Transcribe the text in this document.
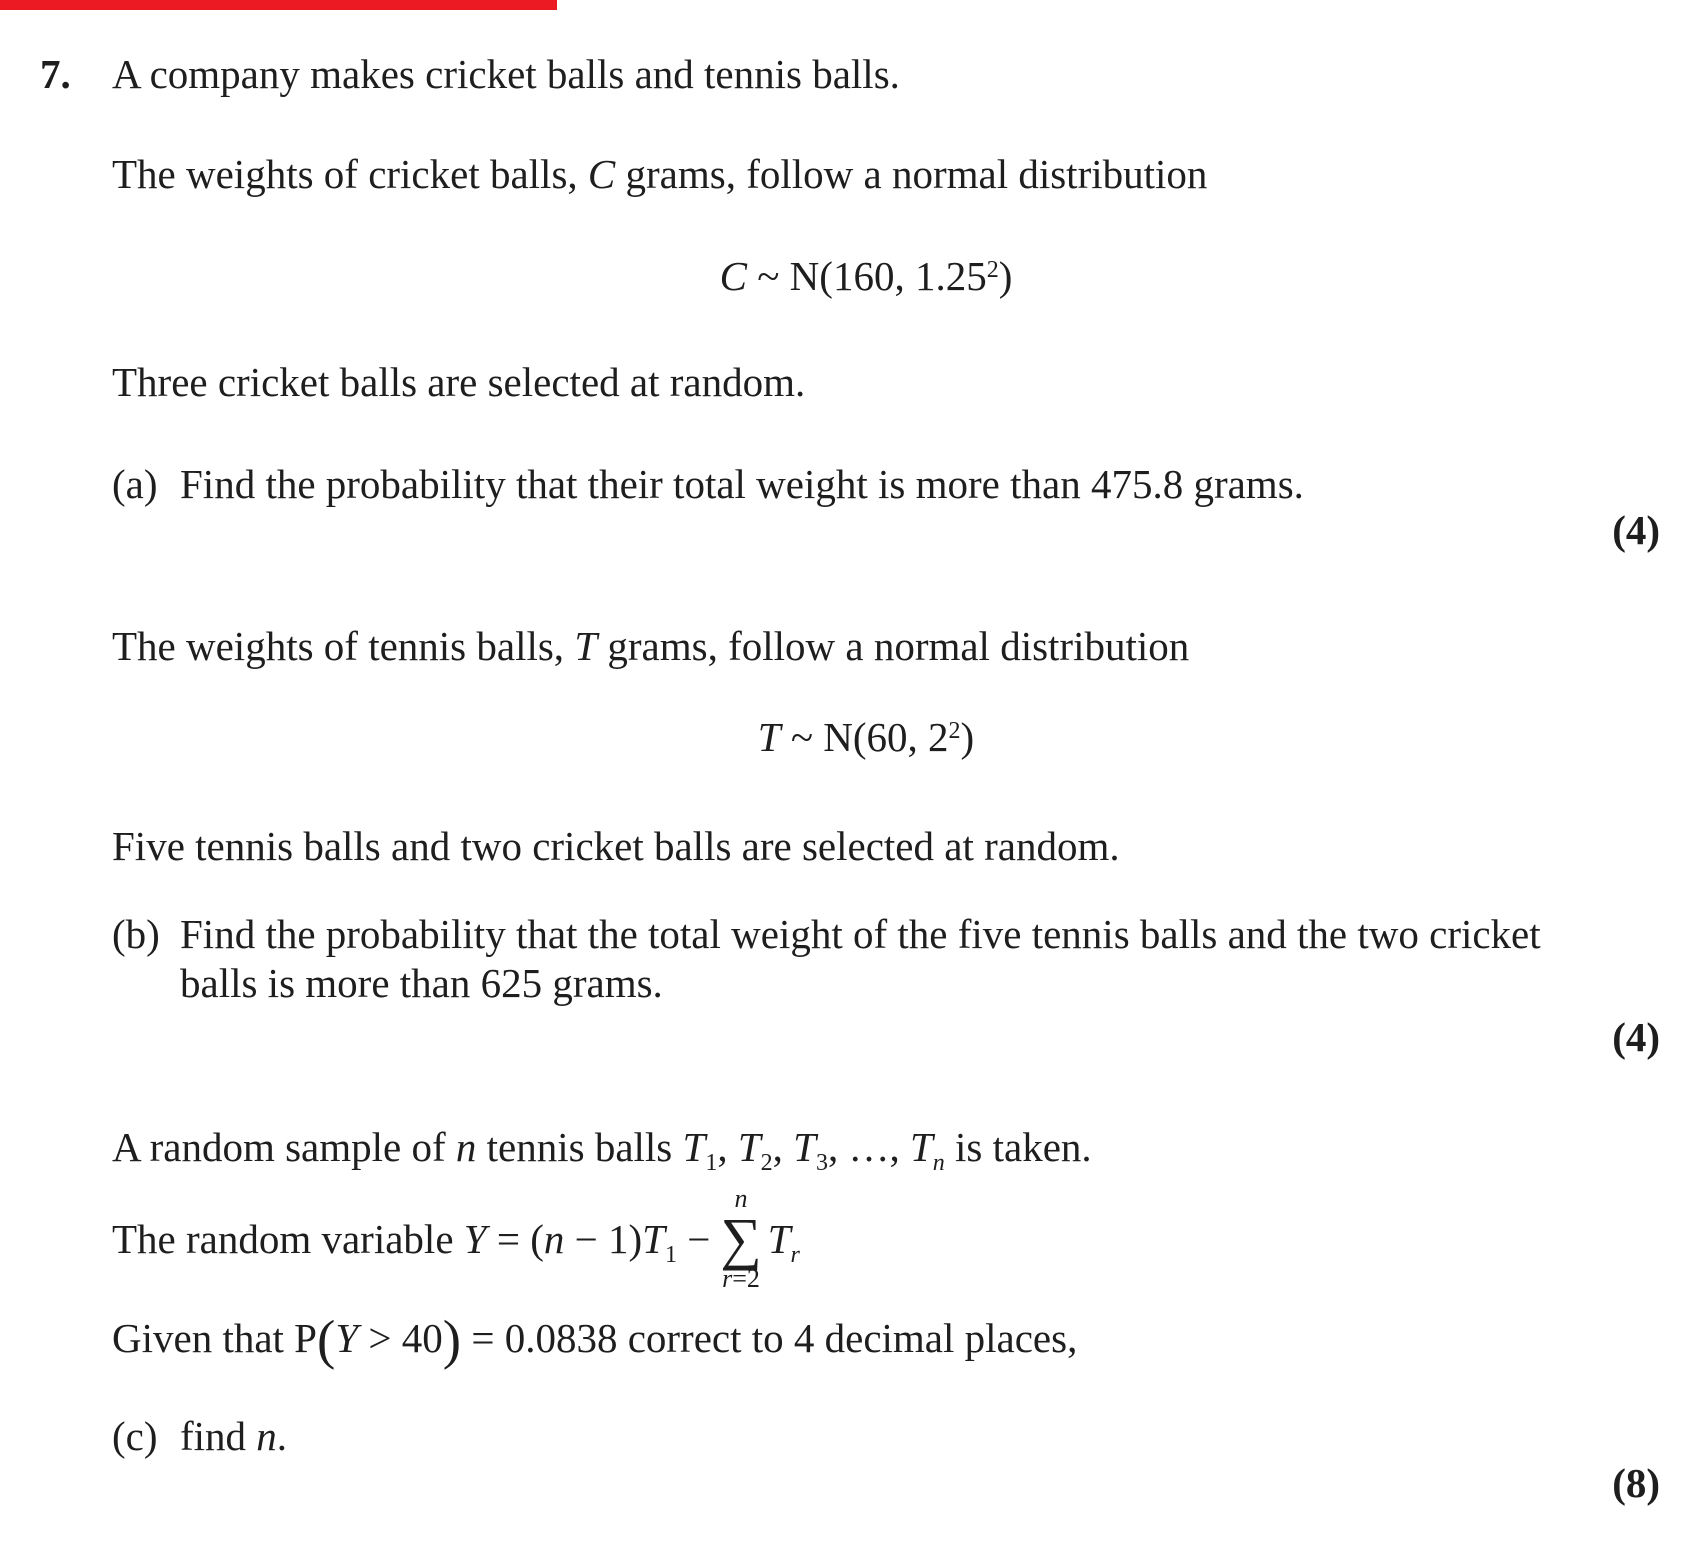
7. A company makes cricket balls and tennis balls.
The weights of cricket balls, C grams, follow a normal distribution
C ~ N(160, 1.25$^2$)
Three cricket balls are selected at random.
(a) Find the probability that their total weight is more than 475.8 grams.
(4)
The weights of tennis balls, T grams, follow a normal distribution
T ~ N(60, $2^2$)
Five tennis balls and two cricket balls are selected at random.
(b) Find the probability that the total weight of the five tennis balls and the two cricket
balls is more than 625 grams.
(4)
A random sample of n tennis balls $T_1$, $T_2$, $T_3$, …, $T_n$ is taken.
The random variable $Y = (n - 1)T_1$ −
n
∑
r=2
$T_r$
Given that P(Y > 40) = 0.0838 correct to 4 decimal places,
(c) find n.
(8)
